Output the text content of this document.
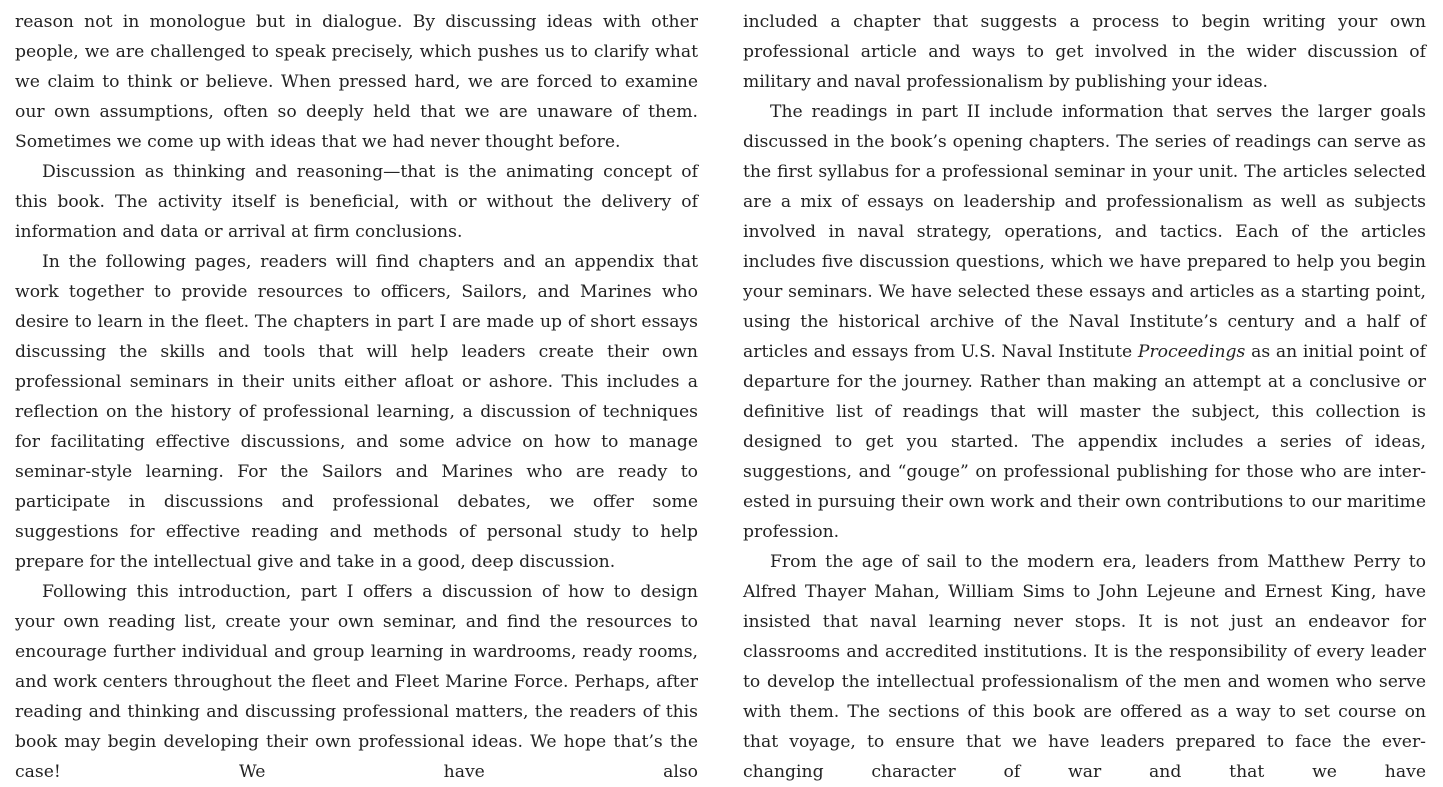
reason not in monologue but in dialogue. By discussing ideas with other people, we are challenged to speak precisely, which pushes us to clarify what we claim to think or believe. When pressed hard, we are forced to examine our own assumptions, often so deeply held that we are unaware of them. Sometimes we come up with ideas that we had never thought before.

Discussion as thinking and reasoning—that is the animating concept of this book. The activity itself is beneficial, with or without the delivery of information and data or arrival at firm conclusions.

In the following pages, readers will find chapters and an appendix that work together to provide resources to officers, Sailors, and Marines who desire to learn in the fleet. The chapters in part I are made up of short essays discussing the skills and tools that will help leaders create their own professional seminars in their units either afloat or ashore. This includes a reflection on the history of professional learning, a discussion of techniques for facilitating effective discussions, and some advice on how to manage seminar-style learning. For the Sailors and Marines who are ready to participate in discussions and professional debates, we offer some suggestions for effective reading and methods of personal study to help prepare for the intellectual give and take in a good, deep discussion.

Following this introduction, part I offers a discussion of how to design your own reading list, create your own seminar, and find the resources to encourage further individual and group learning in wardrooms, ready rooms, and work centers throughout the fleet and Fleet Marine Force. Perhaps, after reading and thinking and discussing professional matters, the readers of this book may begin developing their own professional ideas. We hope that’s the case! We have also

included a chapter that suggests a process to begin writing your own professional article and ways to get involved in the wider discussion of military and naval professionalism by publishing your ideas.

The readings in part II include information that serves the larger goals discussed in the book’s opening chapters. The series of readings can serve as the first syllabus for a professional seminar in your unit. The articles selected are a mix of essays on leadership and professionalism as well as subjects involved in naval strategy, operations, and tactics. Each of the articles includes five discussion questions, which we have prepared to help you begin your seminars. We have selected these essays and articles as a starting point, using the historical archive of the Naval Institute’s century and a half of articles and essays from U.S. Naval Institute Proceedings as an initial point of departure for the journey. Rather than making an attempt at a conclusive or definitive list of readings that will master the subject, this collection is designed to get you started. The appendix includes a series of ideas, suggestions, and “gouge” on professional publishing for those who are interested in pursuing their own work and their own contributions to our maritime profession.

From the age of sail to the modern era, leaders from Matthew Perry to Alfred Thayer Mahan, William Sims to John Lejeune and Ernest King, have insisted that naval learning never stops. It is not just an endeavor for classrooms and accredited institutions. It is the responsibility of every leader to develop the intellectual professionalism of the men and women who serve with them. The sections of this book are offered as a way to set course on that voyage, to ensure that we have leaders prepared to face the ever-changing character of war and that we have
